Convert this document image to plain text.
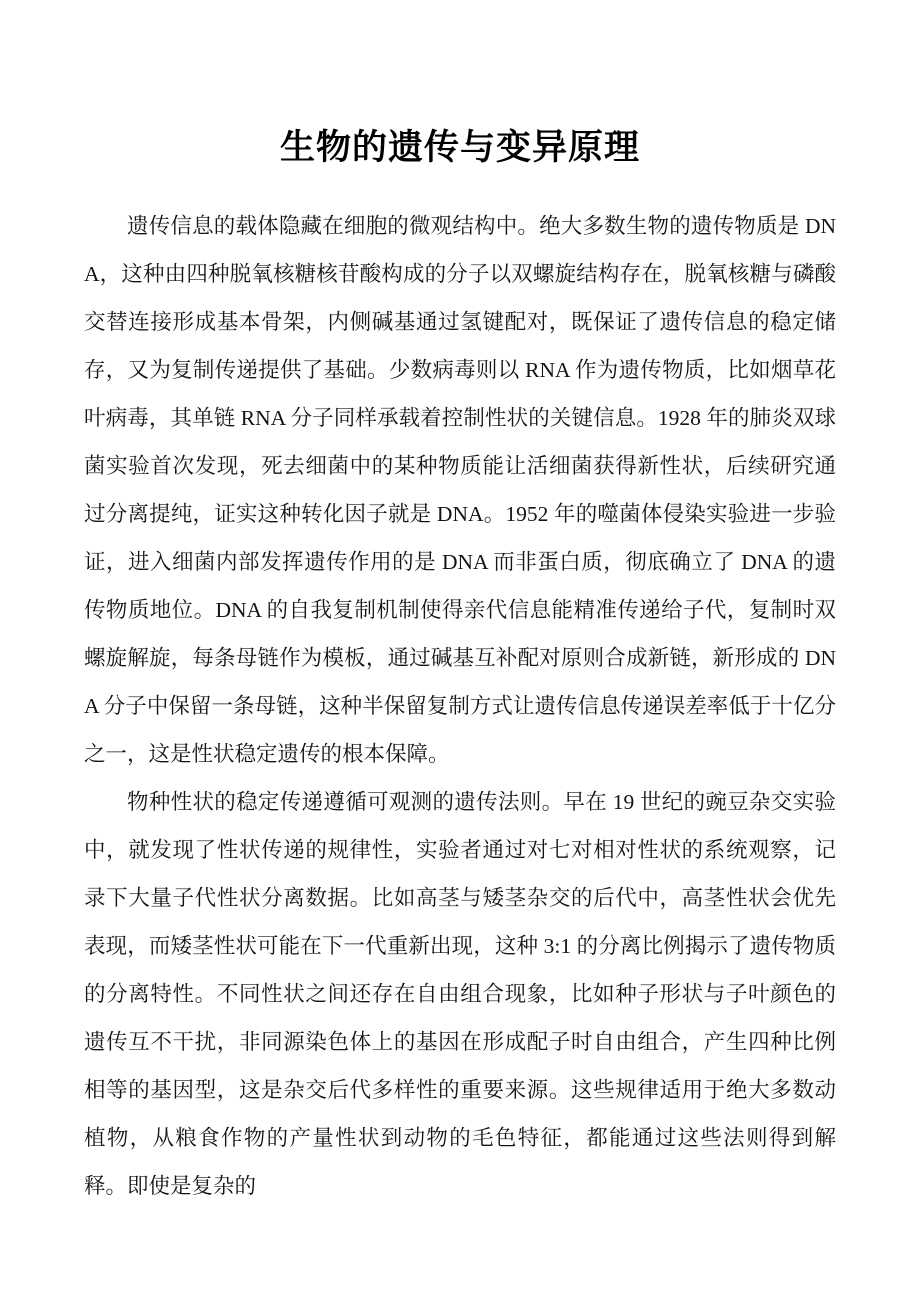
生物的遗传与变异原理

遗传信息的载体隐藏在细胞的微观结构中。绝大多数生物的遗传物质是 DNA，这种由四种脱氧核糖核苷酸构成的分子以双螺旋结构存在，脱氧核糖与磷酸交替连接形成基本骨架，内侧碱基通过氢键配对，既保证了遗传信息的稳定储存，又为复制传递提供了基础。少数病毒则以 RNA 作为遗传物质，比如烟草花叶病毒，其单链 RNA 分子同样承载着控制性状的关键信息。1928 年的肺炎双球菌实验首次发现，死去细菌中的某种物质能让活细菌获得新性状，后续研究通过分离提纯，证实这种转化因子就是 DNA。1952 年的噬菌体侵染实验进一步验证，进入细菌内部发挥遗传作用的是 DNA 而非蛋白质，彻底确立了 DNA 的遗传物质地位。DNA 的自我复制机制使得亲代信息能精准传递给子代，复制时双螺旋解旋，每条母链作为模板，通过碱基互补配对原则合成新链，新形成的 DNA 分子中保留一条母链，这种半保留复制方式让遗传信息传递误差率低于十亿分之一，这是性状稳定遗传的根本保障。

物种性状的稳定传递遵循可观测的遗传法则。早在 19 世纪的豌豆杂交实验中，就发现了性状传递的规律性，实验者通过对七对相对性状的系统观察，记录下大量子代性状分离数据。比如高茎与矮茎杂交的后代中，高茎性状会优先表现，而矮茎性状可能在下一代重新出现，这种 3:1 的分离比例揭示了遗传物质的分离特性。不同性状之间还存在自由组合现象，比如种子形状与子叶颜色的遗传互不干扰，非同源染色体上的基因在形成配子时自由组合，产生四种比例相等的基因型，这是杂交后代多样性的重要来源。这些规律适用于绝大多数动植物，从粮食作物的产量性状到动物的毛色特征，都能通过这些法则得到解释。即使是复杂的
